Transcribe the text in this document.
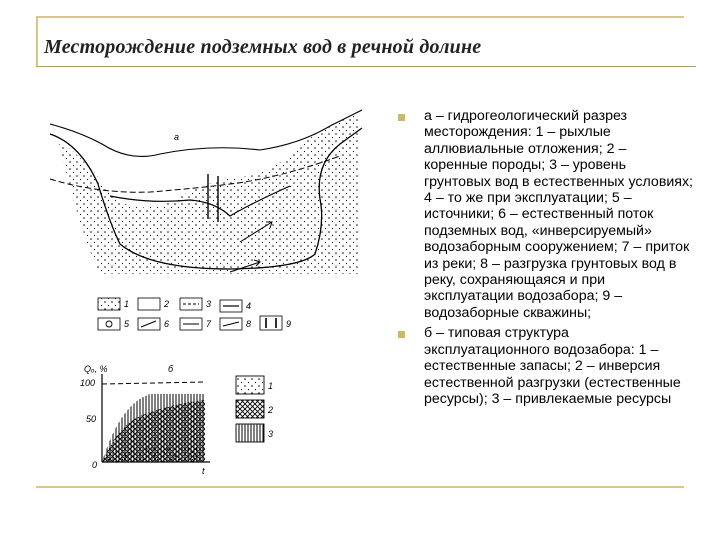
Месторождение подземных вод в речной долине
а
1	2	3	4
5	6	7	8	9
Qₒ, %	б
100
50
0
t
1
2
3
а – гидрогеологический разрез месторождения: 1 – рыхлые аллювиальные отложения; 2 – коренные породы; 3 – уровень грунтовых вод в естественных условиях; 4 – то же при эксплуатации; 5 – источники; 6 – естественный поток подземных вод, «инверсируемый» водозаборным сооружением; 7 – приток из реки; 8 – разгрузка грунтовых вод в реку, сохраняющаяся и при эксплуатации водозабора; 9 – водозаборные скважины;
б – типовая структура эксплуатационного водозабора: 1 – естественные запасы; 2 – инверсия естественной разгрузки (естественные ресурсы); 3 – привлекаемые ресурсы
